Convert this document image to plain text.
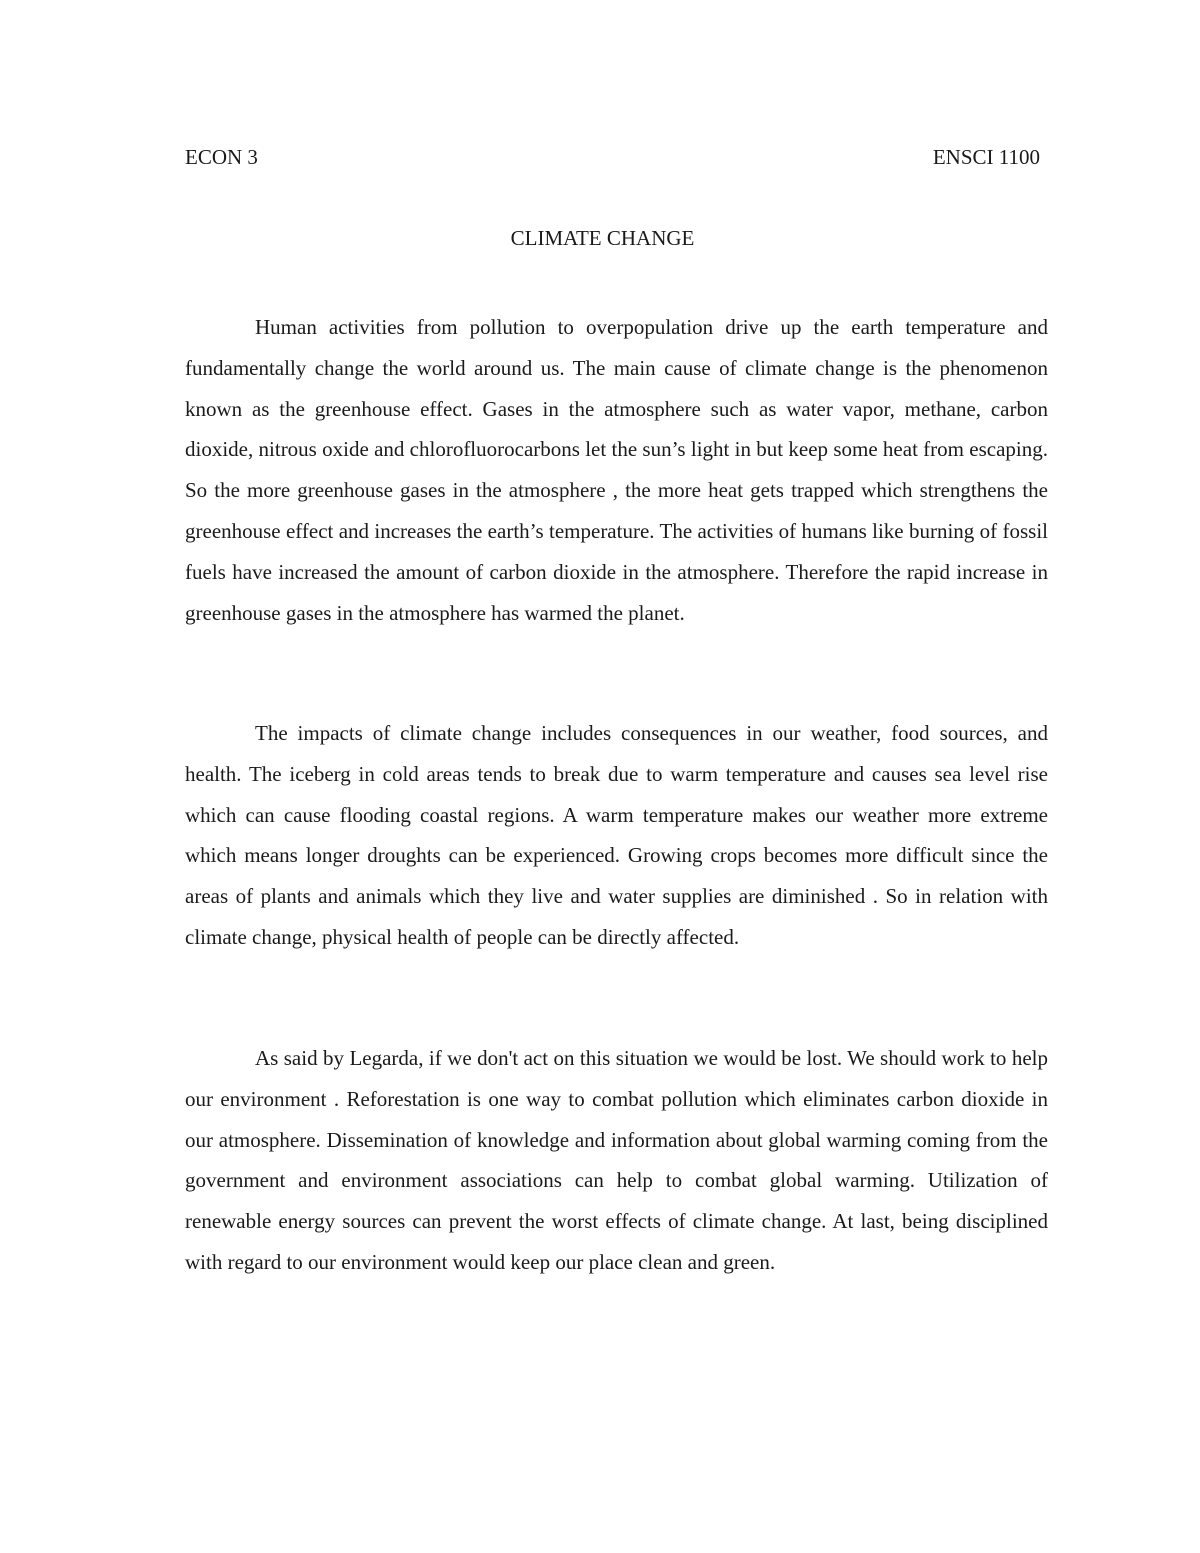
ECON 3	ENSCI 1100
CLIMATE CHANGE

Human activities from pollution to overpopulation drive up the earth temperature and fundamentally change the world around us. The main cause of climate change is the phenomenon known as the greenhouse effect. Gases in the atmosphere such as water vapor, methane, carbon dioxide, nitrous oxide and chlorofluorocarbons let the sun’s light in but keep some heat from escaping. So the more greenhouse gases in the atmosphere , the more heat gets trapped which strengthens the greenhouse effect and increases the earth’s temperature. The activities of humans like burning of fossil fuels have increased the amount of carbon dioxide in the atmosphere. Therefore the rapid increase in greenhouse gases in the atmosphere has warmed the planet.

The impacts of climate change includes consequences in our weather, food sources, and health. The iceberg in cold areas tends to break due to warm temperature and causes sea level rise which can cause flooding coastal regions. A warm temperature makes our weather more extreme which means longer droughts can be experienced. Growing crops becomes more difficult since the areas of plants and animals which they live and water supplies are diminished . So in relation with climate change, physical health of people can be directly affected.

As said by Legarda, if we don't act on this situation we would be lost. We should work to help our environment . Reforestation is one way to combat pollution which eliminates carbon dioxide in our atmosphere. Dissemination of knowledge and information about global warming coming from the government and environment associations can help to combat global warming. Utilization of renewable energy sources can prevent the worst effects of climate change. At last, being disciplined with regard to our environment would keep our place clean and green.
